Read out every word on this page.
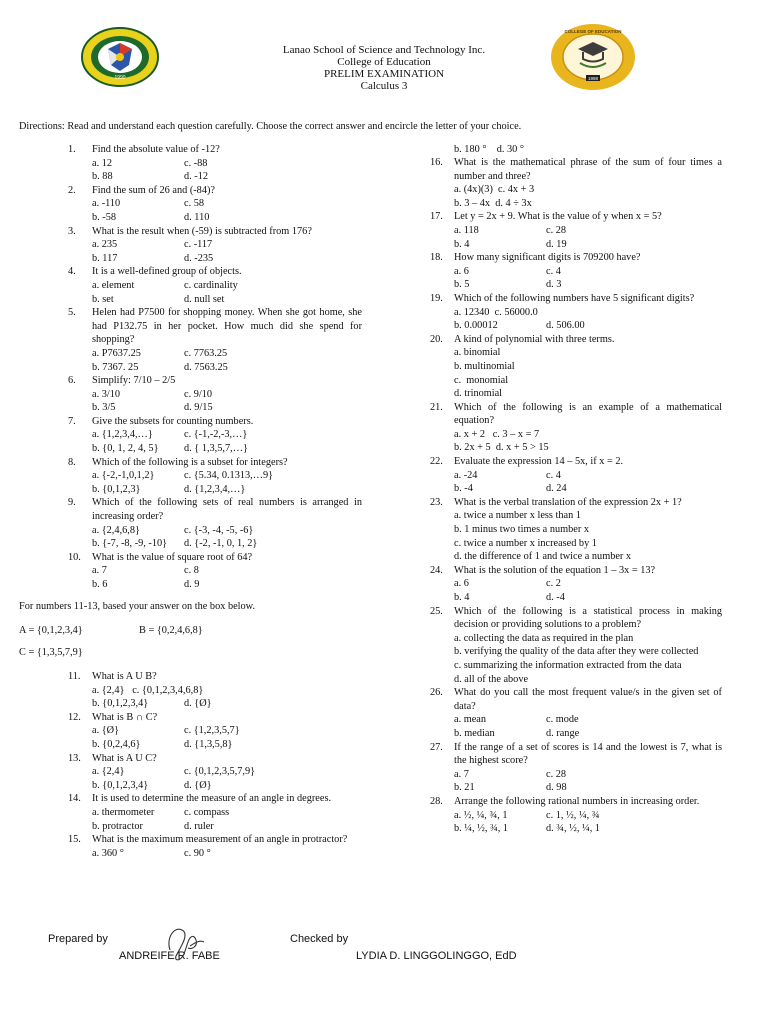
1990	1998
COLLEGE OF EDUCATION
Lanao School of Science and Technology Inc.
College of Education
PRELIM EXAMINATION
Calculus 3
Directions: Read and understand each question carefully. Choose the correct answer and encircle the letter of your choice.
1. Find the absolute value of -12?
a. 12	c. -88
b. 88	d. -12
2. Find the sum of 26 and (-84)?
a. -110	c. 58
b. -58	d. 110
3. What is the result when (-59) is subtracted from 176?
a. 235	c. -117
b. 117	d. -235
4. It is a well-defined group of objects.
a. element	c. cardinality
b. set	d. null set
5. Helen had P7500 for shopping money. When she got home, she had P132.75 in her pocket. How much did she spend for shopping?
a. P7637.25	c. 7763.25
b. 7367. 25	d. 7563.25
6. Simplify: 7/10 – 2/5
a. 3/10	c. 9/10
b. 3/5	d. 9/15
7. Give the subsets for counting numbers.
a. {1,2,3,4,…}	c. {-1,-2,-3,…}
b. {0, 1, 2, 4, 5}	d. { 1,3,5,7,…}
8. Which of the following is a subset for integers?
a. {-2,-1,0,1,2}	c. {5.34, 0.1313,…9}
b. {0,1,2,3}	d. {1,2,3,4,…}
9. Which of the following sets of real numbers is arranged in increasing order?
a. {2,4,6,8}	c. {-3, -4, -5, -6}
b. {-7, -8, -9, -10}	d. {-2, -1, 0, 1, 2}
10. What is the value of square root of 64?
a. 7	c. 8
b. 6	d. 9
For numbers 11-13, based your answer on the box below.
A = {0,1,2,3,4}	B = {0,2,4,6,8}
C = {1,3,5,7,9}
11. What is A U B?
a. {2,4}   c. {0,1,2,3,4,6,8}
b. {0,1,2,3,4}	d. {Ø}
12. What is B ∩ C?
a. {Ø}	c. {1,2,3,5,7}
b. {0,2,4,6}	d. {1,3,5,8}
13. What is A U C?
a. {2,4}	c. {0,1,2,3,5,7,9}
b. {0,1,2,3,4}	d. {Ø}
14. It is used to determine the measure of an angle in degrees.
a. thermometer	c. compass
b. protractor	d. ruler
15. What is the maximum measurement of an angle in protractor?
a. 360 °	c. 90 °
b. 180 °    d. 30 °
16. What is the mathematical phrase of the sum of four times a number and three?
a. (4x)(3)  c. 4x + 3
b. 3 – 4x  d. 4 ÷ 3x
17. Let y = 2x + 9. What is the value of y when x = 5?
a. 118	c. 28
b. 4	d. 19
18. How many significant digits is 709200 have?
a. 6	c. 4
b. 5	d. 3
19. Which of the following numbers have 5 significant digits?
a. 12340  c. 56000.0
b. 0.00012	d. 506.00
20. A kind of polynomial with three terms.
a. binomial
b. multinomial
c.  monomial
d. trinomial
21. Which of the following is an example of a mathematical equation?
a. x + 2   c. 3 – x = 7
b. 2x + 5  d. x + 5 > 15
22. Evaluate the expression 14 – 5x, if x = 2.
a. -24	c. 4
b. -4	d. 24
23. What is the verbal translation of the expression 2x + 1?
a. twice a number x less than 1
b. 1 minus two times a number x
c. twice a number x increased by 1
d. the difference of 1 and twice a number x
24. What is the solution of the equation 1 – 3x = 13?
a. 6	c. 2
b. 4	d. -4
25. Which of the following is a statistical process in making decision or providing solutions to a problem?
a. collecting the data as required in the plan
b. verifying the quality of the data after they were collected
c. summarizing the information extracted from the data
d. all of the above
26. What do you call the most frequent value/s in the given set of data?
a. mean	c. mode
b. median	d. range
27. If the range of a set of scores is 14 and the lowest is 7, what is the highest score?
a. 7	c. 28
b. 21	d. 98
28. Arrange the following rational numbers in increasing order.
a. ½, ¼, ¾, 1	c. 1, ½, ¼, ¾
b. ¼, ½, ¾, 1	d. ¾, ½, ¼, 1
Prepared by
ANDREIFE R. FABE
Checked by
LYDIA D. LINGGOLINGGO, EdD
